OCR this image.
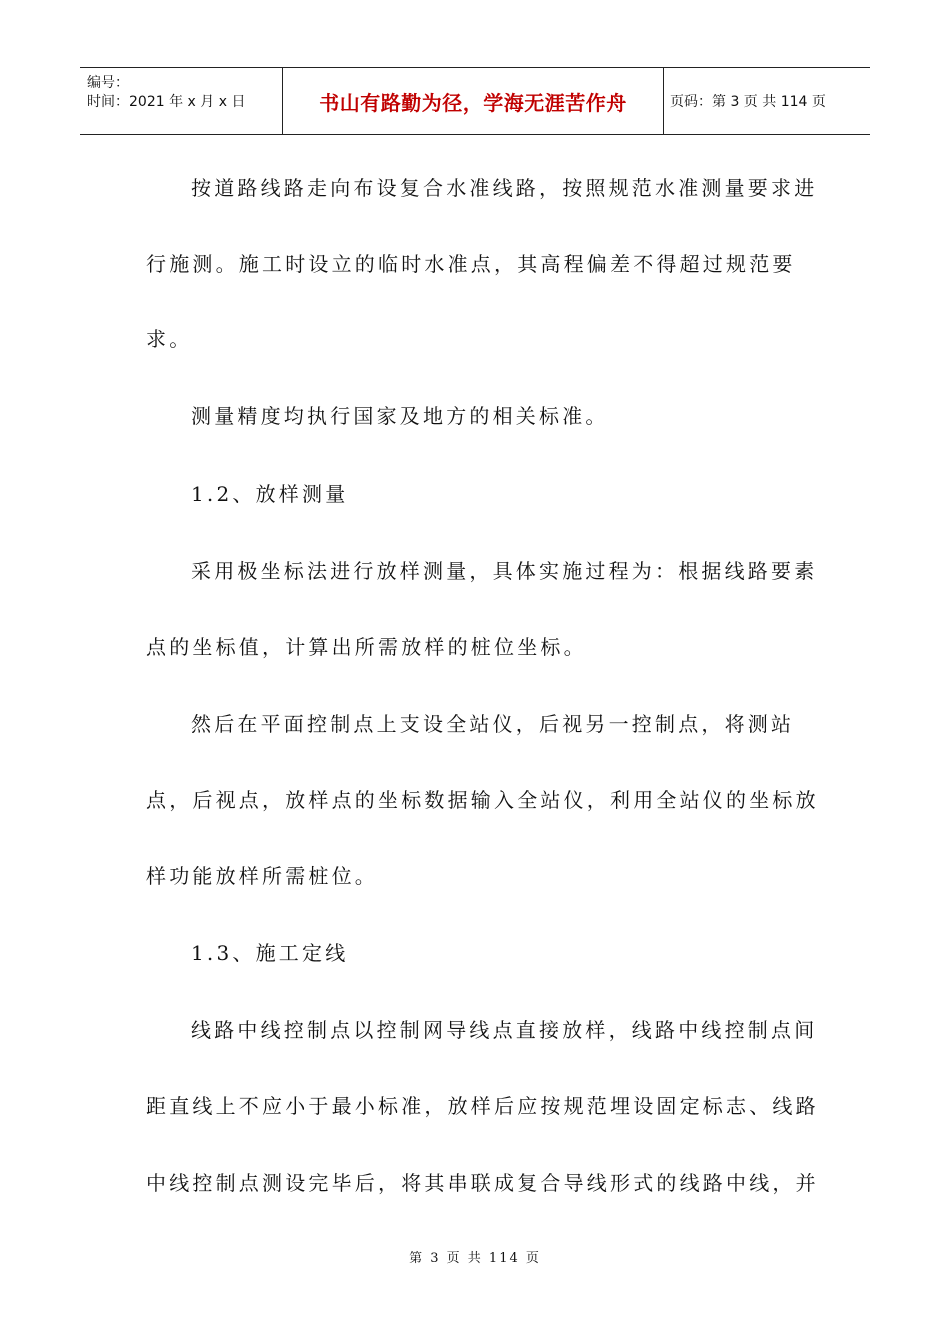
编号：
时间：2021 年 x 月 x 日	书山有路勤为径，学海无涯苦作舟	页码：第 3 页 共 114 页
按道路线路走向布设复合水准线路，按照规范水准测量要求进
行施测。施工时设立的临时水准点，其高程偏差不得超过规范要
求。
测量精度均执行国家及地方的相关标准。
1.2、放样测量
采用极坐标法进行放样测量，具体实施过程为：根据线路要素
点的坐标值，计算出所需放样的桩位坐标。
然后在平面控制点上支设全站仪，后视另一控制点，将测站
点，后视点，放样点的坐标数据输入全站仪，利用全站仪的坐标放
样功能放样所需桩位。
1.3、施工定线
线路中线控制点以控制网导线点直接放样，线路中线控制点间
距直线上不应小于最小标准，放样后应按规范埋设固定标志、线路
中线控制点测设完毕后，将其串联成复合导线形式的线路中线，并
第 3 页 共 114 页
